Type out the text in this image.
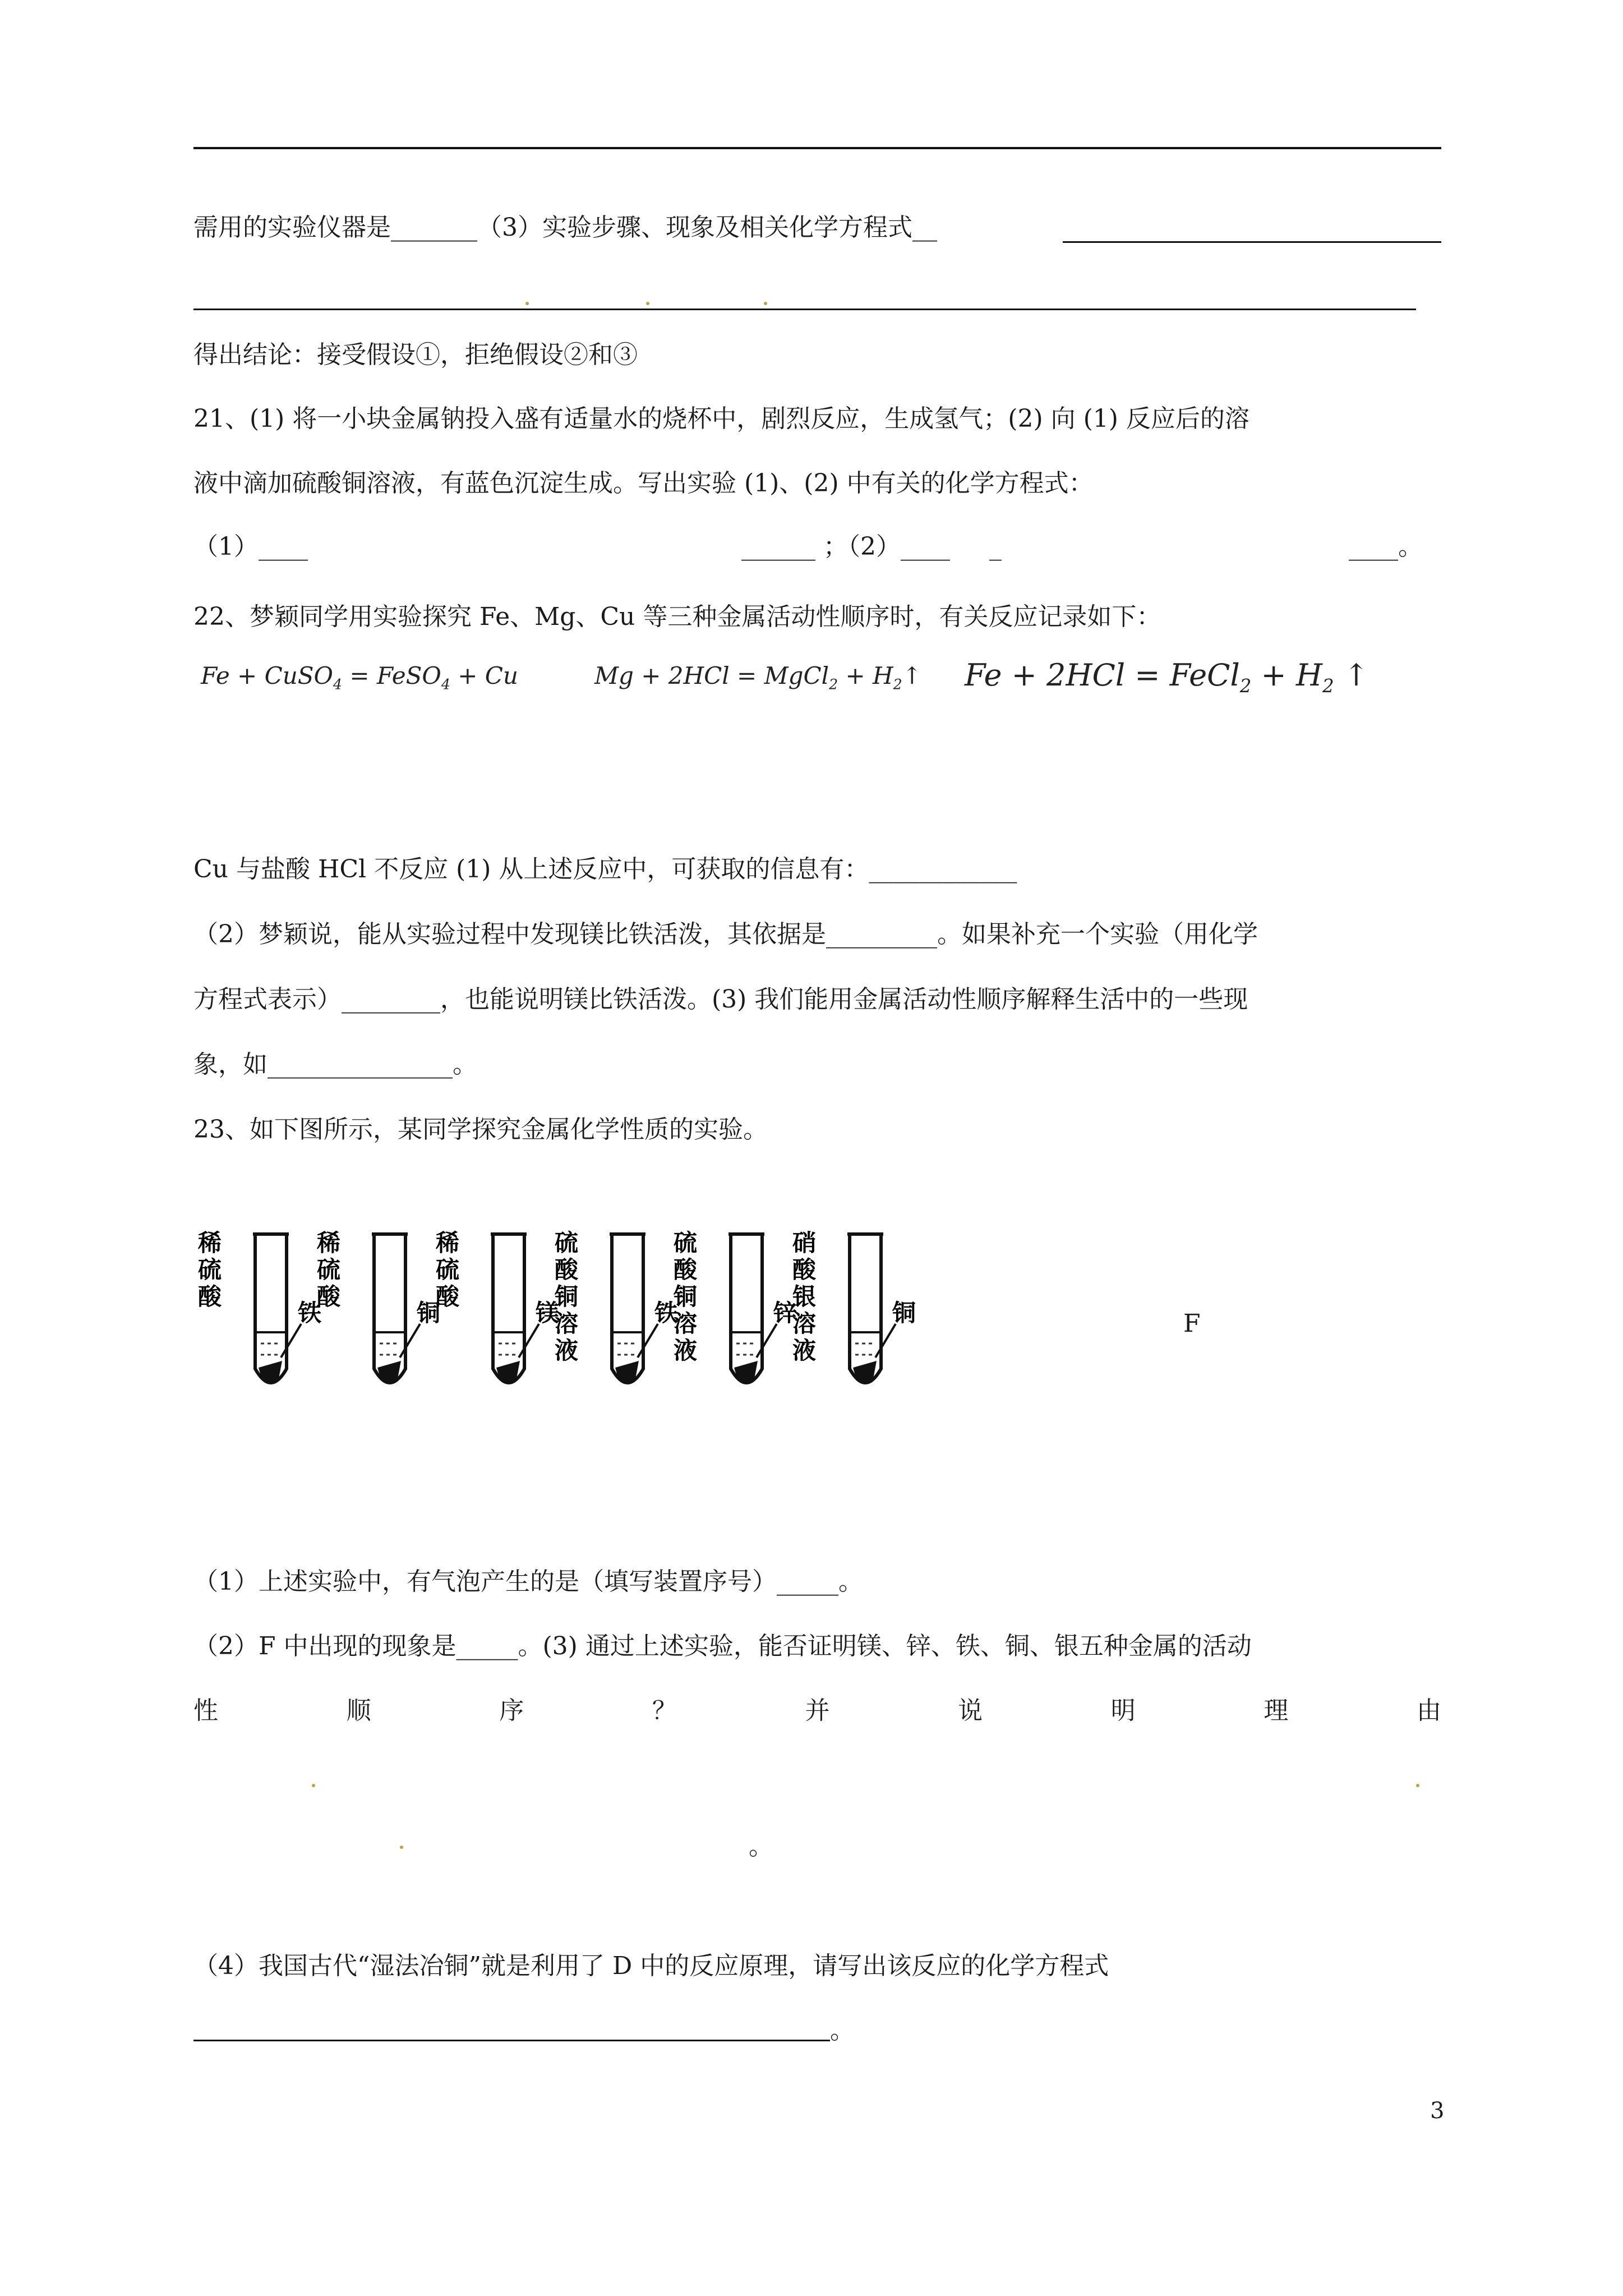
需用的实验仪器是_______（3）实验步骤、现象及相关化学方程式__
得出结论：接受假设①，拒绝假设②和③
21、(1) 将一小块金属钠投入盛有适量水的烧杯中，剧烈反应，生成氢气；(2) 向 (1) 反应后的溶
液中滴加硫酸铜溶液，有蓝色沉淀生成。写出实验 (1)、(2) 中有关的化学方程式：
（1）____	______ ；（2）____     _	____。
22、梦颖同学用实验探究 Fe、Mg、Cu 等三种金属活动性顺序时，有关反应记录如下：
Fe + CuSO$_4$ = FeSO$_4$ + Cu	Mg + 2HCl = MgCl$_2$ + $H_2↑$ Fe + 2HCl = FeCl$_2$ + $H_2$ ↑
Cu 与盐酸 HCl 不反应 (1) 从上述反应中，可获取的信息有：____________
（2）梦颖说，能从实验过程中发现镁比铁活泼，其依据是_________。如果补充一个实验（用化学
方程式表示）________，也能说明镁比铁活泼。(3) 我们能用金属活动性顺序解释生活中的一些现
象，如_______________。
23、如下图所示，某同学探究金属化学性质的实验。
稀
硫
酸
铁
稀
硫
酸
铜
稀
硫
酸
镁
硫
酸
铜
溶
液
铁
硫
酸
铜
溶
液
锌
硝
酸
银
溶
液
铜	F
（1）上述实验中，有气泡产生的是（填写装置序号）_____。
（2）F 中出现的现象是_____。(3) 通过上述实验，能否证明镁、锌、铁、铜、银五种金属的活动
性	顺	序	？	并	说	明	理	由
。
（4）我国古代“湿法冶铜”就是利用了 D 中的反应原理，请写出该反应的化学方程式
。
3
